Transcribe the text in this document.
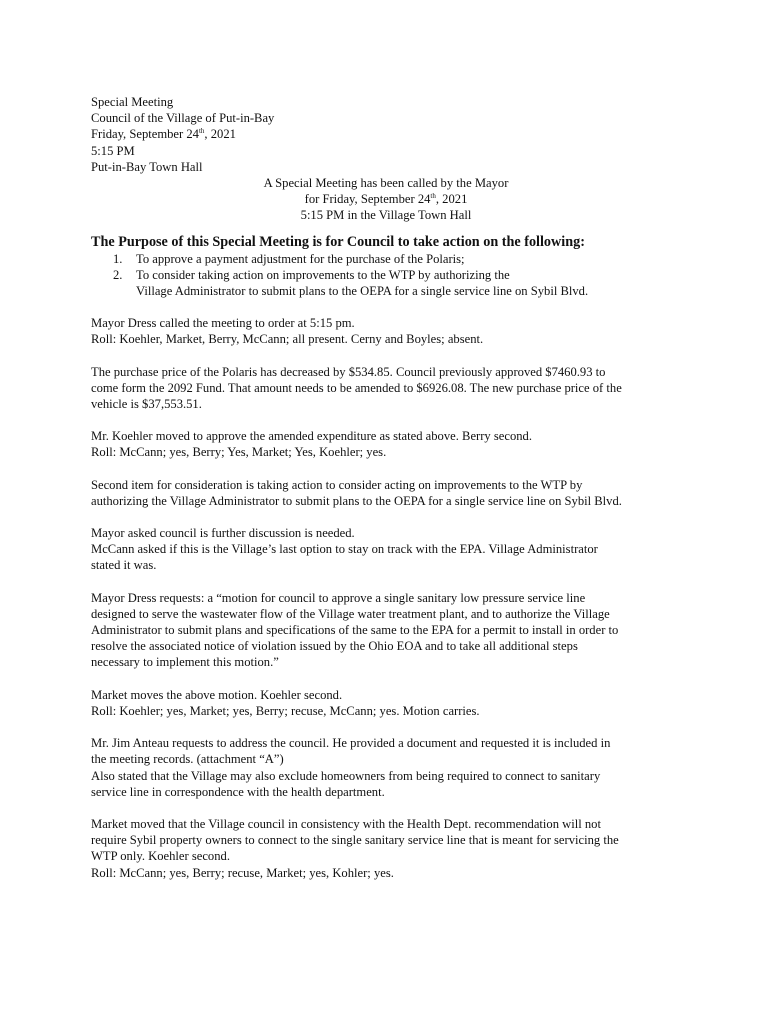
Special Meeting
Council of the Village of Put-in-Bay
Friday, September 24th, 2021
5:15 PM
Put-in-Bay Town Hall
A Special Meeting has been called by the Mayor
for Friday, September 24th, 2021
5:15 PM in the Village Town Hall
The Purpose of this Special Meeting is for Council to take action on the following:
1. To approve a payment adjustment for the purchase of the Polaris;
2. To consider taking action on improvements to the WTP by authorizing the
Village Administrator to submit plans to the OEPA for a single service line on Sybil Blvd.
Mayor Dress called the meeting to order at 5:15 pm.
Roll: Koehler, Market, Berry, McCann; all present. Cerny and Boyles; absent.
The purchase price of the Polaris has decreased by $534.85. Council previously approved $7460.93 to
come form the 2092 Fund. That amount needs to be amended to $6926.08. The new purchase price of the
vehicle is $37,553.51.
Mr. Koehler moved to approve the amended expenditure as stated above. Berry second.
Roll: McCann; yes, Berry; Yes, Market; Yes, Koehler; yes.
Second item for consideration is taking action to consider acting on improvements to the WTP by
authorizing the Village Administrator to submit plans to the OEPA for a single service line on Sybil Blvd.
Mayor asked council is further discussion is needed.
McCann asked if this is the Village’s last option to stay on track with the EPA. Village Administrator
stated it was.
Mayor Dress requests: a “motion for council to approve a single sanitary low pressure service line
designed to serve the wastewater flow of the Village water treatment plant, and to authorize the Village
Administrator to submit plans and specifications of the same to the EPA for a permit to install in order to
resolve the associated notice of violation issued by the Ohio EOA and to take all additional steps
necessary to implement this motion.”
Market moves the above motion. Koehler second.
Roll: Koehler; yes, Market; yes, Berry; recuse, McCann; yes. Motion carries.
Mr. Jim Anteau requests to address the council. He provided a document and requested it is included in
the meeting records. (attachment “A”)
Also stated that the Village may also exclude homeowners from being required to connect to sanitary
service line in correspondence with the health department.
Market moved that the Village council in consistency with the Health Dept. recommendation will not
require Sybil property owners to connect to the single sanitary service line that is meant for servicing the
WTP only. Koehler second.
Roll: McCann; yes, Berry; recuse, Market; yes, Kohler; yes.
